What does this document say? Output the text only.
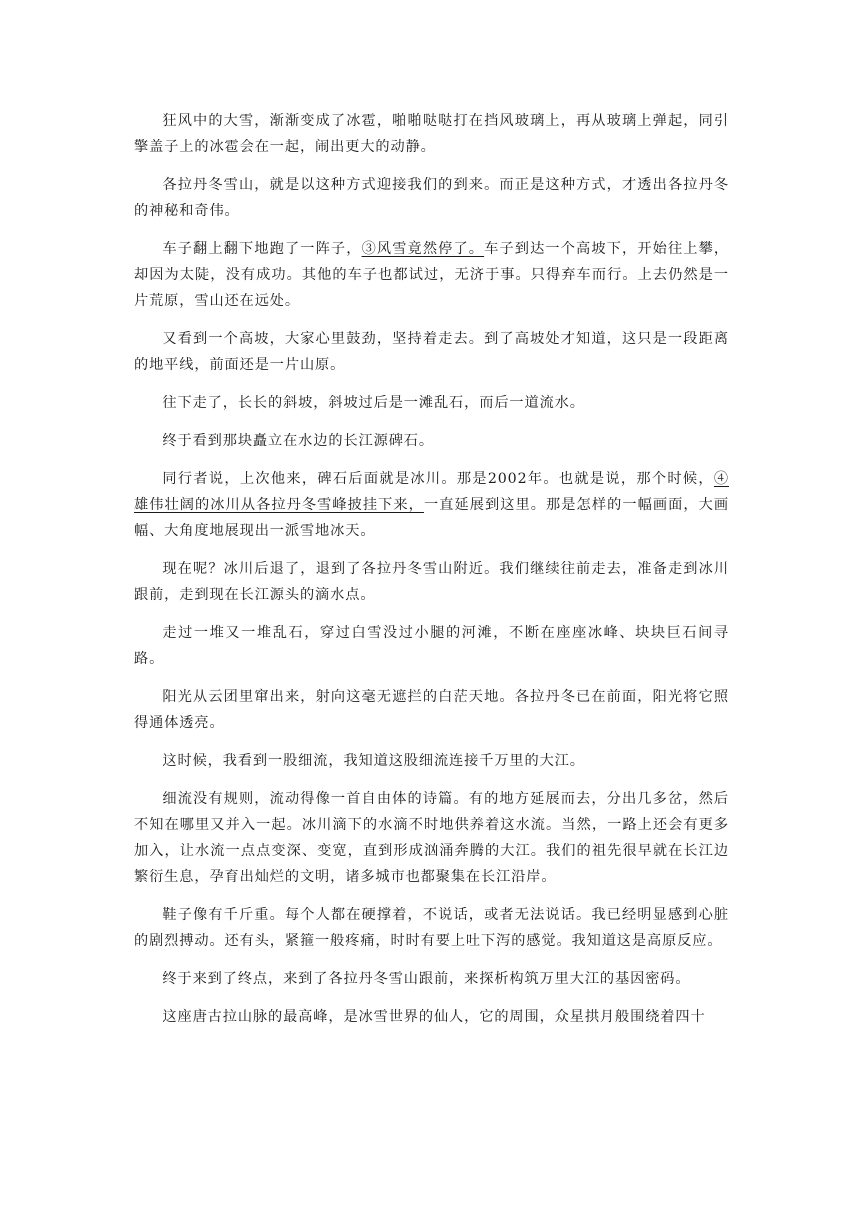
狂风中的大雪，渐渐变成了冰雹，啪啪哒哒打在挡风玻璃上，再从玻璃上弹起，同引擎盖子上的冰雹会在一起，闹出更大的动静。

各拉丹冬雪山，就是以这种方式迎接我们的到来。而正是这种方式，才透出各拉丹冬的神秘和奇伟。

车子翻上翻下地跑了一阵子，③风雪竟然停了。车子到达一个高坡下，开始往上攀，却因为太陡，没有成功。其他的车子也都试过，无济于事。只得弃车而行。上去仍然是一片荒原，雪山还在远处。

又看到一个高坡，大家心里鼓劲，坚持着走去。到了高坡处才知道，这只是一段距离的地平线，前面还是一片山原。

往下走了，长长的斜坡，斜坡过后是一滩乱石，而后一道流水。

终于看到那块矗立在水边的长江源碑石。

同行者说，上次他来，碑石后面就是冰川。那是2002年。也就是说，那个时候，④雄伟壮阔的冰川从各拉丹冬雪峰披挂下来，一直延展到这里。那是怎样的一幅画面，大画幅、大角度地展现出一派雪地冰天。

现在呢？冰川后退了，退到了各拉丹冬雪山附近。我们继续往前走去，准备走到冰川跟前，走到现在长江源头的滴水点。

走过一堆又一堆乱石，穿过白雪没过小腿的河滩，不断在座座冰峰、块块巨石间寻路。

阳光从云团里窜出来，射向这毫无遮拦的白茫天地。各拉丹冬已在前面，阳光将它照得通体透亮。

这时候，我看到一股细流，我知道这股细流连接千万里的大江。

细流没有规则，流动得像一首自由体的诗篇。有的地方延展而去，分出几多岔，然后不知在哪里又并入一起。冰川滴下的水滴不时地供养着这水流。当然，一路上还会有更多加入，让水流一点点变深、变宽，直到形成汹涌奔腾的大江。我们的祖先很早就在长江边繁衍生息，孕育出灿烂的文明，诸多城市也都聚集在长江沿岸。

鞋子像有千斤重。每个人都在硬撑着，不说话，或者无法说话。我已经明显感到心脏的剧烈搏动。还有头，紧箍一般疼痛，时时有要上吐下泻的感觉。我知道这是高原反应。

终于来到了终点，来到了各拉丹冬雪山跟前，来探析构筑万里大江的基因密码。

这座唐古拉山脉的最高峰，是冰雪世界的仙人，它的周围，众星拱月般围绕着四十
